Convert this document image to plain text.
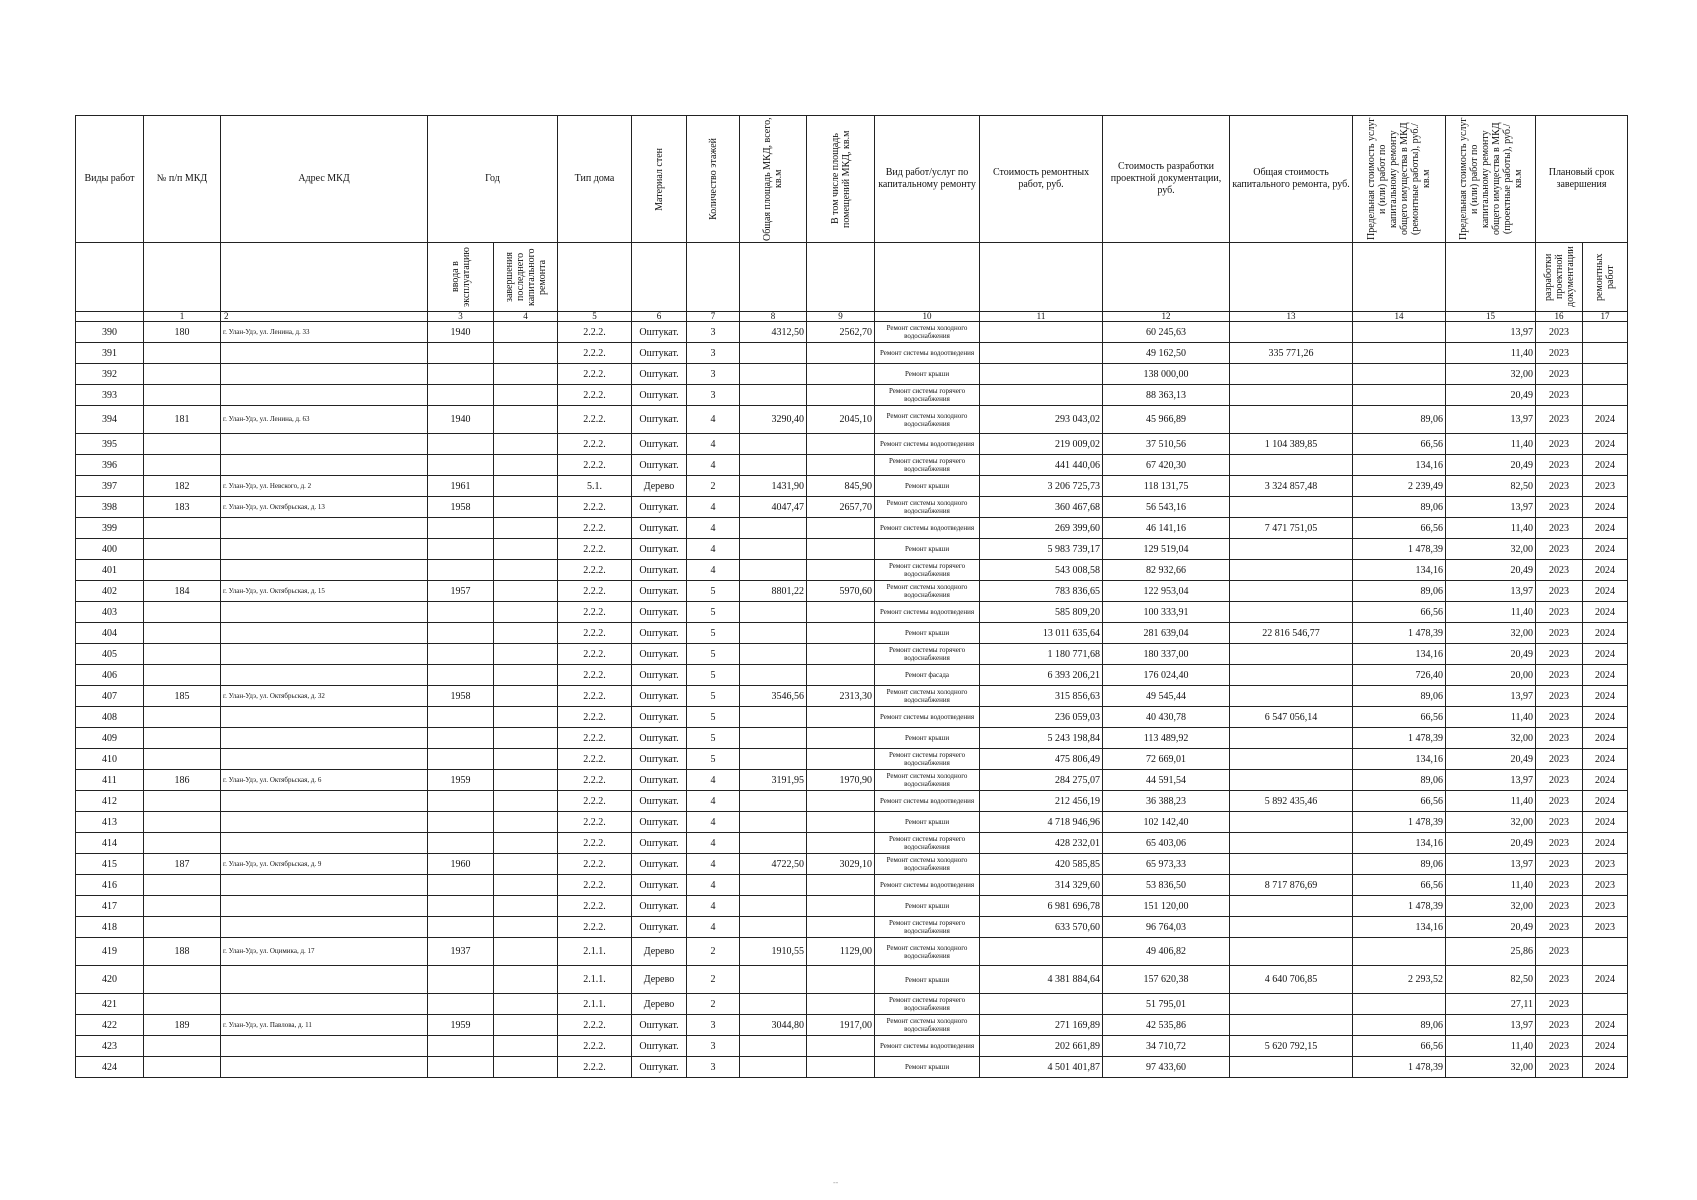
Виды работ	№ п/п МКД	Адрес МКД	Год		Тип дома	Материал стен	Количество этажей	Общая площадь МКД, всего, кв.м	В том числе площадь помещений МКД, кв.м	Вид работ/услуг по капитальному ремонту	Стоимость ремонтных работ, руб.	Стоимость разработки проектной документации, руб.	Общая стоимость капитального ремонта, руб.	Предельная стоимость услуг и (или) работ по капитальному ремонту общего имущества в МКД (ремонтные работы), руб./кв.м	Предельная стоимость услуг и (или) работ по капитальному ремонту общего имущества в МКД (проектные работы), руб./кв.м	Плановый срок завершения	

			ввода в эксплуатацию	завершения последнего капитального ремонта												разработки проектной документации	ремонтных работ

	1	2	3	4	5	6	7	8	9	10	11	12	13	14	15	16	17
390	180	г. Улан-Удэ, ул. Ленина, д. 33	1940		2.2.2.	Оштукат.	3	4312,50	2562,70	Ремонт системы холодного водоснабжения		60 245,63			13,97	2023	
391					2.2.2.	Оштукат.	3			Ремонт системы водоотведения		49 162,50	335 771,26		11,40	2023	
392					2.2.2.	Оштукат.	3			Ремонт крыши		138 000,00			32,00	2023	
393					2.2.2.	Оштукат.	3			Ремонт системы горячего водоснабжения		88 363,13			20,49	2023	
394	181	г. Улан-Удэ, ул. Ленина, д. 63	1940		2.2.2.	Оштукат.	4	3290,40	2045,10	Ремонт системы холодного водоснабжения	293 043,02	45 966,89		89,06	13,97	2023	2024
395					2.2.2.	Оштукат.	4			Ремонт системы водоотведения	219 009,02	37 510,56	1 104 389,85	66,56	11,40	2023	2024
396					2.2.2.	Оштукат.	4			Ремонт системы горячего водоснабжения	441 440,06	67 420,30		134,16	20,49	2023	2024
397	182	г. Улан-Удэ, ул. Невского, д. 2	1961		5.1.	Дерево	2	1431,90	845,90	Ремонт крыши	3 206 725,73	118 131,75	3 324 857,48	2 239,49	82,50	2023	2023
398	183	г. Улан-Удэ, ул. Октябрьская, д. 13	1958		2.2.2.	Оштукат.	4	4047,47	2657,70	Ремонт системы холодного водоснабжения	360 467,68	56 543,16		89,06	13,97	2023	2024
399					2.2.2.	Оштукат.	4			Ремонт системы водоотведения	269 399,60	46 141,16	7 471 751,05	66,56	11,40	2023	2024
400					2.2.2.	Оштукат.	4			Ремонт крыши	5 983 739,17	129 519,04		1 478,39	32,00	2023	2024
401					2.2.2.	Оштукат.	4			Ремонт системы горячего водоснабжения	543 008,58	82 932,66		134,16	20,49	2023	2024
402	184	г. Улан-Удэ, ул. Октябрьская, д. 15	1957		2.2.2.	Оштукат.	5	8801,22	5970,60	Ремонт системы холодного водоснабжения	783 836,65	122 953,04		89,06	13,97	2023	2024
403					2.2.2.	Оштукат.	5			Ремонт системы водоотведения	585 809,20	100 333,91		66,56	11,40	2023	2024
404					2.2.2.	Оштукат.	5			Ремонт крыши	13 011 635,64	281 639,04	22 816 546,77	1 478,39	32,00	2023	2024
405					2.2.2.	Оштукат.	5			Ремонт системы горячего водоснабжения	1 180 771,68	180 337,00		134,16	20,49	2023	2024
406					2.2.2.	Оштукат.	5			Ремонт фасада	6 393 206,21	176 024,40		726,40	20,00	2023	2024
407	185	г. Улан-Удэ, ул. Октябрьская, д. 32	1958		2.2.2.	Оштукат.	5	3546,56	2313,30	Ремонт системы холодного водоснабжения	315 856,63	49 545,44		89,06	13,97	2023	2024
408					2.2.2.	Оштукат.	5			Ремонт системы водоотведения	236 059,03	40 430,78	6 547 056,14	66,56	11,40	2023	2024
409					2.2.2.	Оштукат.	5			Ремонт крыши	5 243 198,84	113 489,92		1 478,39	32,00	2023	2024
410					2.2.2.	Оштукат.	5			Ремонт системы горячего водоснабжения	475 806,49	72 669,01		134,16	20,49	2023	2024
411	186	г. Улан-Удэ, ул. Октябрьская, д. 6	1959		2.2.2.	Оштукат.	4	3191,95	1970,90	Ремонт системы холодного водоснабжения	284 275,07	44 591,54		89,06	13,97	2023	2024
412					2.2.2.	Оштукат.	4			Ремонт системы водоотведения	212 456,19	36 388,23	5 892 435,46	66,56	11,40	2023	2024
413					2.2.2.	Оштукат.	4			Ремонт крыши	4 718 946,96	102 142,40		1 478,39	32,00	2023	2024
414					2.2.2.	Оштукат.	4			Ремонт системы горячего водоснабжения	428 232,01	65 403,06		134,16	20,49	2023	2024
415	187	г. Улан-Удэ, ул. Октябрьская, д. 9	1960		2.2.2.	Оштукат.	4	4722,50	3029,10	Ремонт системы холодного водоснабжения	420 585,85	65 973,33		89,06	13,97	2023	2023
416					2.2.2.	Оштукат.	4			Ремонт системы водоотведения	314 329,60	53 836,50	8 717 876,69	66,56	11,40	2023	2023
417					2.2.2.	Оштукат.	4			Ремонт крыши	6 981 696,78	151 120,00		1 478,39	32,00	2023	2023
418					2.2.2.	Оштукат.	4			Ремонт системы горячего водоснабжения	633 570,60	96 764,03		134,16	20,49	2023	2023
419	188	г. Улан-Удэ, ул. Оцимика, д. 17	1937		2.1.1.	Дерево	2	1910,55	1129,00	Ремонт системы холодного водоснабжения		49 406,82			25,86	2023	
420					2.1.1.	Дерево	2			Ремонт крыши	4 381 884,64	157 620,38	4 640 706,85	2 293,52	82,50	2023	2024
421					2.1.1.	Дерево	2			Ремонт системы горячего водоснабжения		51 795,01			27,11	2023	
422	189	г. Улан-Удэ, ул. Павлова, д. 11	1959		2.2.2.	Оштукат.	3	3044,80	1917,00	Ремонт системы холодного водоснабжения	271 169,89	42 535,86		89,06	13,97	2023	2024
423					2.2.2.	Оштукат.	3			Ремонт системы водоотведения	202 661,89	34 710,72	5 620 792,15	66,56	11,40	2023	2024
424					2.2.2.	Оштукат.	3			Ремонт крыши	4 501 401,87	97 433,60		1 478,39	32,00	2023	2024
--
